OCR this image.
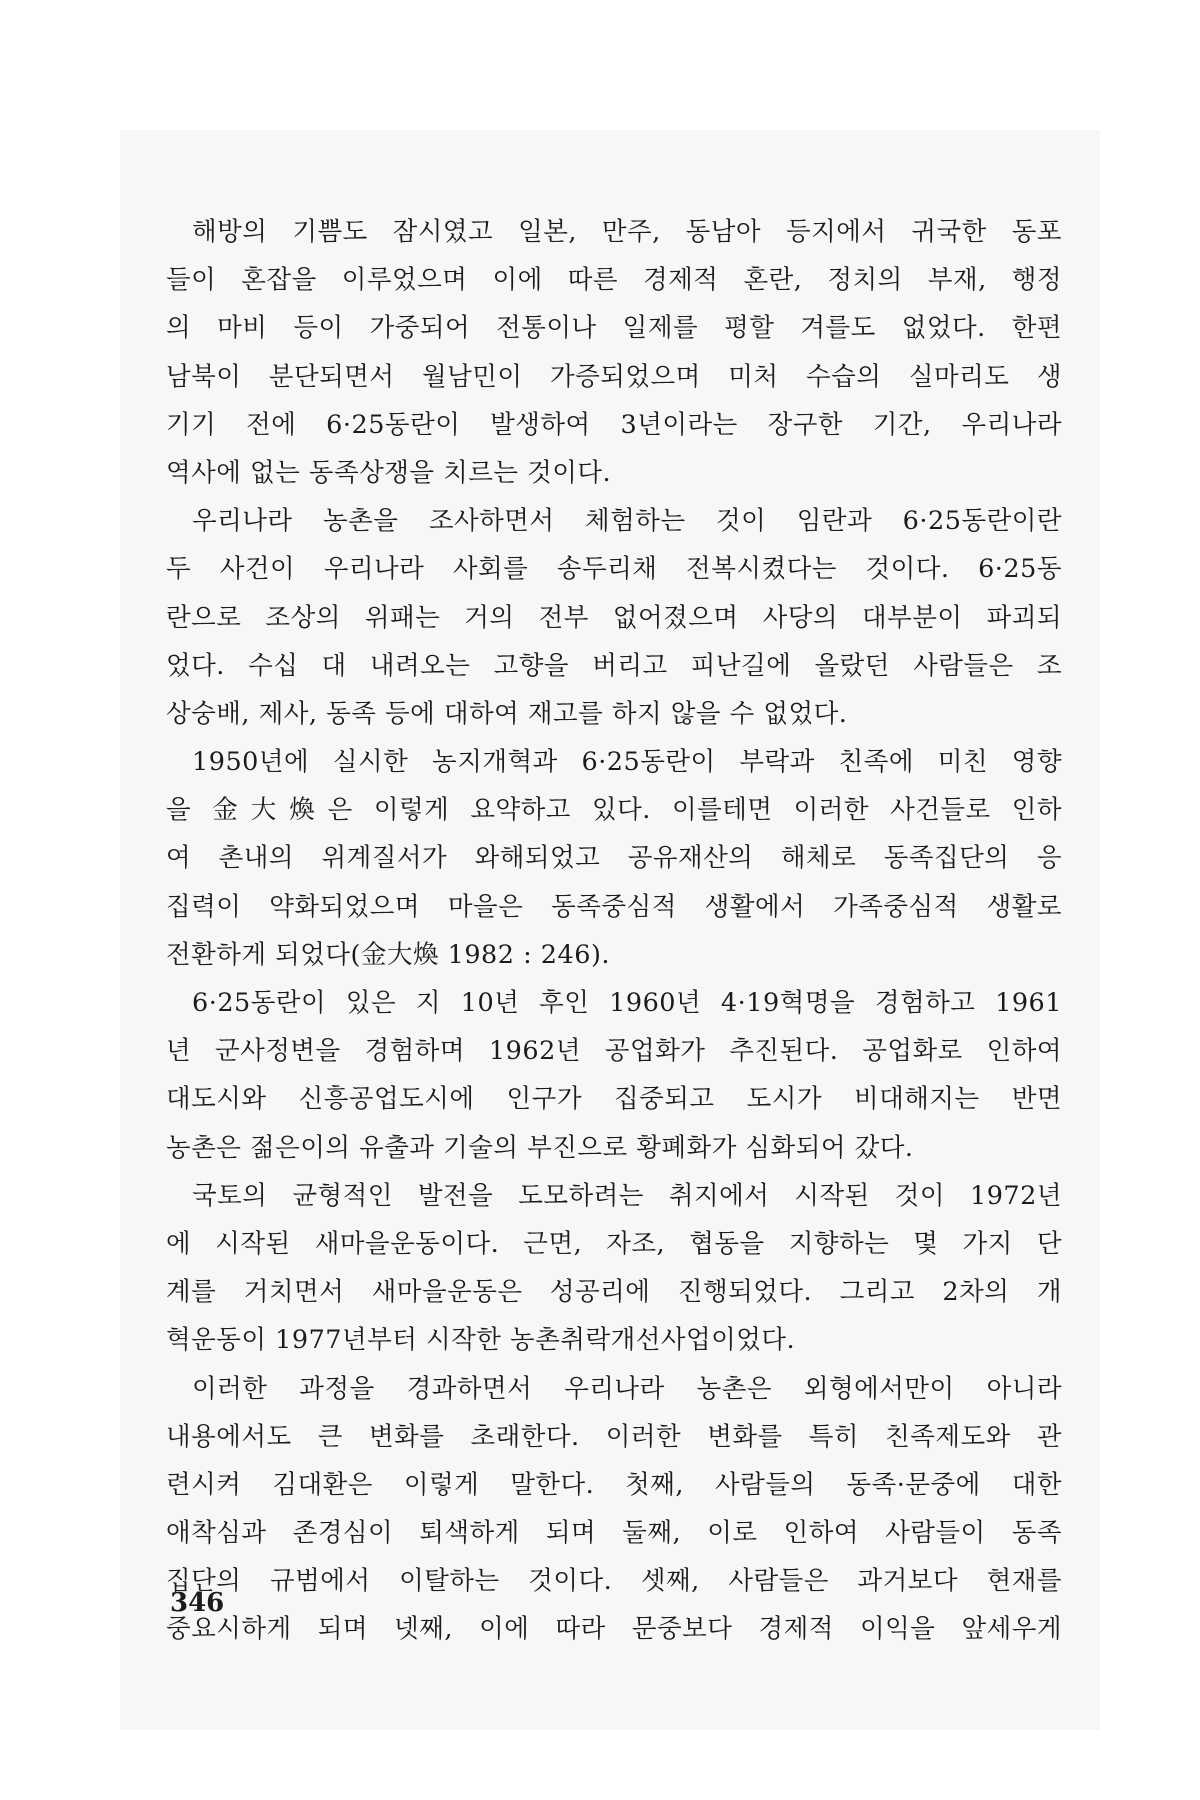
해방의 기쁨도 잠시였고 일본, 만주, 동남아 등지에서 귀국한 동포
들이 혼잡을 이루었으며 이에 따른 경제적 혼란, 정치의 부재, 행정
의 마비 등이 가중되어 전통이나 일제를 평할 겨를도 없었다. 한편
남북이 분단되면서 월남민이 가증되었으며 미처 수습의 실마리도 생
기기 전에 6·25동란이 발생하여 3년이라는 장구한 기간, 우리나라
역사에 없는 동족상쟁을 치르는 것이다.
우리나라 농촌을 조사하면서 체험하는 것이 임란과 6·25동란이란
두 사건이 우리나라 사회를 송두리채 전복시켰다는 것이다. 6·25동
란으로 조상의 위패는 거의 전부 없어졌으며 사당의 대부분이 파괴되
었다. 수십 대 내려오는 고향을 버리고 피난길에 올랐던 사람들은 조
상숭배, 제사, 동족 등에 대하여 재고를 하지 않을 수 없었다.
1950년에 실시한 농지개혁과 6·25동란이 부락과 친족에 미친 영향
을 金大煥은 이렇게 요약하고 있다. 이를테면 이러한 사건들로 인하
여 촌내의 위계질서가 와해되었고 공유재산의 해체로 동족집단의 응
집력이 약화되었으며 마을은 동족중심적 생활에서 가족중심적 생활로
전환하게 되었다(金大煥 1982 : 246).
6·25동란이 있은 지 10년 후인 1960년 4·19혁명을 경험하고 1961
년 군사정변을 경험하며 1962년 공업화가 추진된다. 공업화로 인하여
대도시와 신흥공업도시에 인구가 집중되고 도시가 비대해지는 반면
농촌은 젊은이의 유출과 기술의 부진으로 황폐화가 심화되어 갔다.
국토의 균형적인 발전을 도모하려는 취지에서 시작된 것이 1972년
에 시작된 새마을운동이다. 근면, 자조, 협동을 지향하는 몇 가지 단
계를 거치면서 새마을운동은 성공리에 진행되었다. 그리고 2차의 개
혁운동이 1977년부터 시작한 농촌취락개선사업이었다.
이러한 과정을 경과하면서 우리나라 농촌은 외형에서만이 아니라
내용에서도 큰 변화를 초래한다. 이러한 변화를 특히 친족제도와 관
련시켜 김대환은 이렇게 말한다. 첫째, 사람들의 동족·문중에 대한
애착심과 존경심이 퇴색하게 되며 둘째, 이로 인하여 사람들이 동족
집단의 규범에서 이탈하는 것이다. 셋째, 사람들은 과거보다 현재를
중요시하게 되며 넷째, 이에 따라 문중보다 경제적 이익을 앞세우게
346
